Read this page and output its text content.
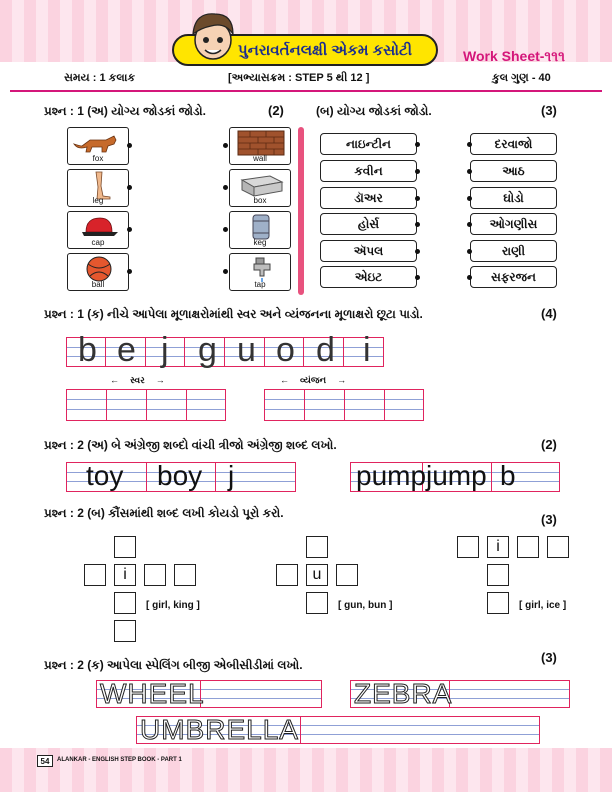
પુનરાવર્તનલક્ષી એકમ કસોટી	Work Sheet-૧૧૧
સમય : 1 કલાક	[અભ્યાસક્રમ : STEP 5 થી 12 ]	કુલ ગુણ - 40
પ્રશ્ન : 1 (અ) યોગ્ય જોડકાં જોડો.	(2)
fox
leg
cap
ball
wall
box
keg
tap
(બ) યોગ્ય જોડકાં જોડો.	(3)
નાઇન્ટીન
કવીન
ડૉઅર
હોર્સ
ઍપલ
એઇટ
દરવાજો
આઠ
ઘોડો
ઓગણીસ
રાણી
સફરજન
પ્રશ્ન : 1 (ક) નીચે આપેલા મૂળાક્ષરોમાંથી સ્વર અને વ્યંજનના મૂળાક્ષરો છૂટા પાડો.	(4)
b e j g u o d i
← સ્વર →	← વ્યંજન →
પ્રશ્ન : 2 (અ) બે અંગ્રેજી શબ્દો વાંચી ત્રીજો અંગ્રેજી શબ્દ લખો.	(2)
toy boy j	pump jump b
પ્રશ્ન : 2 (બ) કૌંસમાંથી શબ્દ લખી કોયડો પૂરો કરો.	(3)
i
[ girl, king ]
u
[ gun, bun ]
i
[ girl, ice ]
પ્રશ્ન : 2 (ક) આપેલા સ્પેલિંગ બીજી એબીસીડીમાં લખો.	(3)
WHEEL	ZEBRA
UMBRELLA
54	ALANKAR - ENGLISH STEP BOOK - PART 1
